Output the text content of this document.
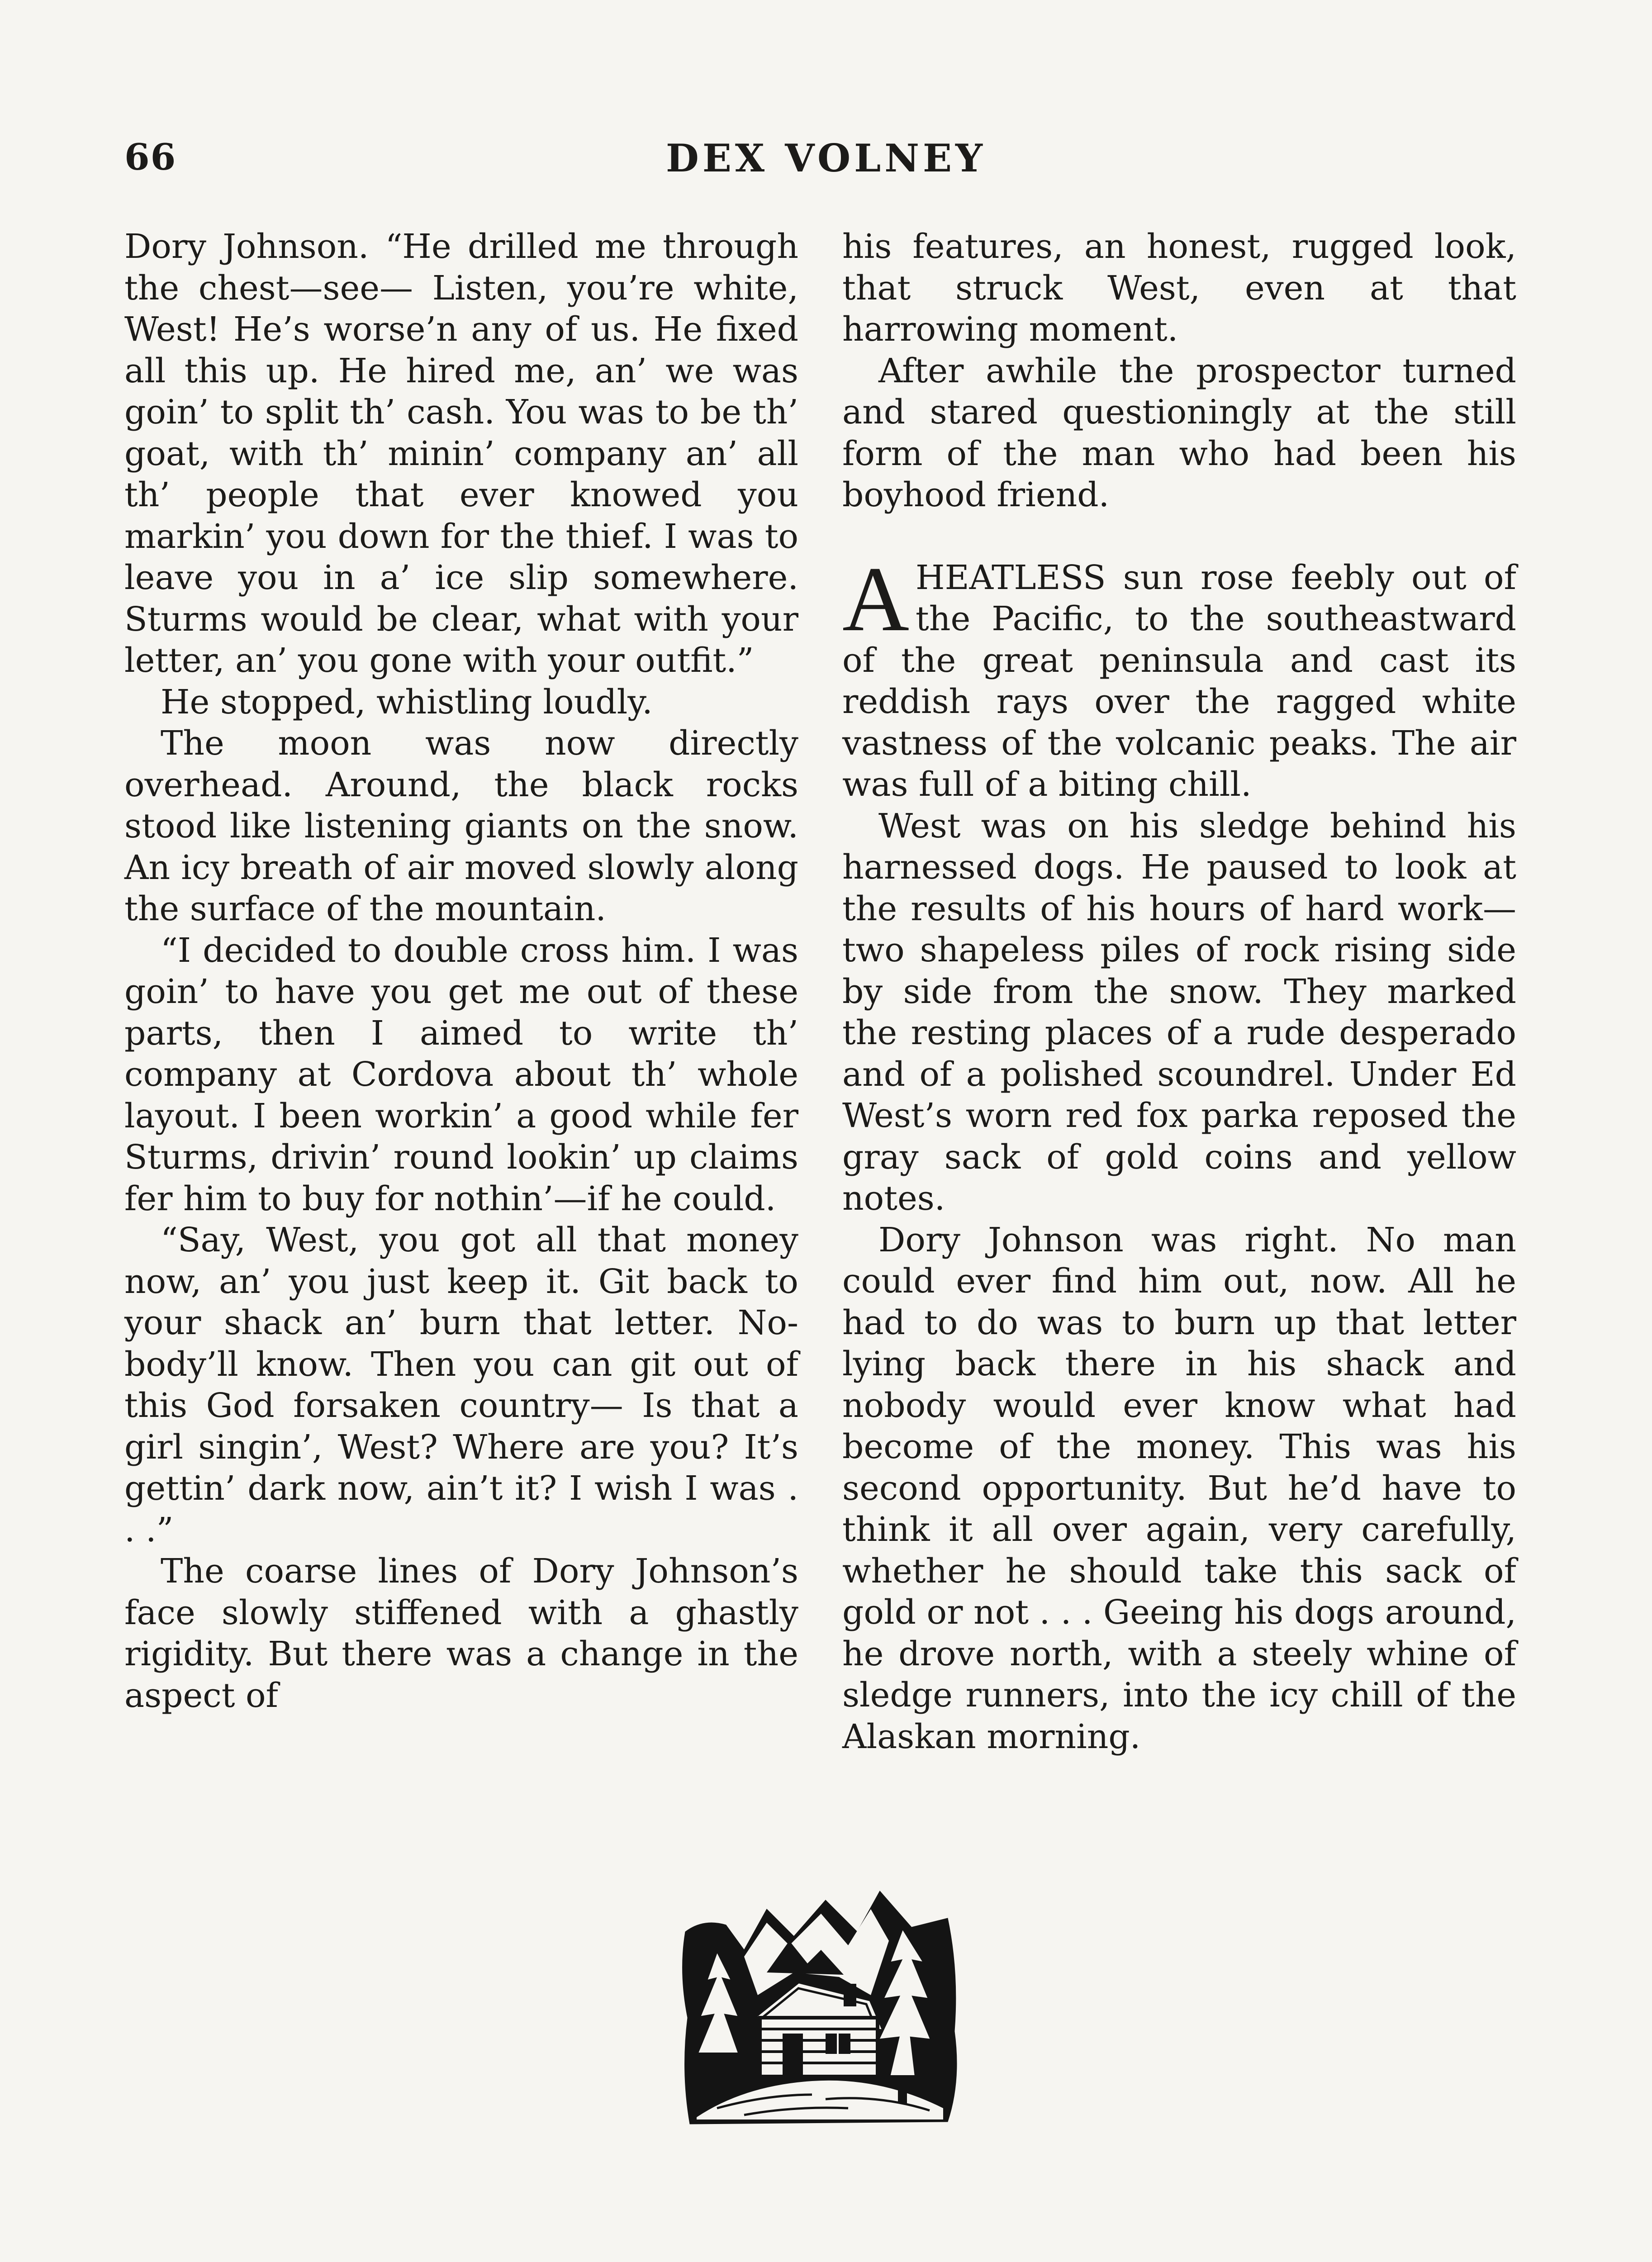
66	DEX VOLNEY

Dory Johnson. “He drilled me through the chest—see— Listen, you’re white, West! He’s worse’n any of us. He fixed all this up. He hired me, an’ we was goin’ to split th’ cash. You was to be th’ goat, with th’ minin’ company an’ all th’ people that ever knowed you markin’ you down for the thief. I was to leave you in a’ ice slip somewhere. Sturms would be clear, what with your letter, an’ you gone with your outfit.”

He stopped, whistling loudly.

The moon was now directly overhead. Around, the black rocks stood like listening giants on the snow. An icy breath of air moved slowly along the surface of the mountain.

“I decided to double cross him. I was goin’ to have you get me out of these parts, then I aimed to write th’ company at Cordova about th’ whole layout. I been workin’ a good while fer Sturms, drivin’ round lookin’ up claims fer him to buy for nothin’—if he could.

“Say, West, you got all that money now, an’ you just keep it. Git back to your shack an’ burn that letter. Nobody’ll know. Then you can git out of this God forsaken country— Is that a girl singin’, West? Where are you? It’s gettin’ dark now, ain’t it? I wish I was . . .”

The coarse lines of Dory Johnson’s face slowly stiffened with a ghastly rigidity. But there was a change in the aspect of

his features, an honest, rugged look, that struck West, even at that harrowing moment.

After awhile the prospector turned and stared questioningly at the still form of the man who had been his boyhood friend.

AHEATLESS sun rose feebly out of the Pacific, to the southeastward of the great peninsula and cast its reddish rays over the ragged white vastness of the volcanic peaks. The air was full of a biting chill.

West was on his sledge behind his harnessed dogs. He paused to look at the results of his hours of hard work—two shapeless piles of rock rising side by side from the snow. They marked the resting places of a rude desperado and of a polished scoundrel. Under Ed West’s worn red fox parka reposed the gray sack of gold coins and yellow notes.

Dory Johnson was right. No man could ever find him out, now. All he had to do was to burn up that letter lying back there in his shack and nobody would ever know what had become of the money. This was his second opportunity. But he’d have to think it all over again, very carefully, whether he should take this sack of gold or not . . . Geeing his dogs around, he drove north, with a steely whine of sledge runners, into the icy chill of the Alaskan morning.
